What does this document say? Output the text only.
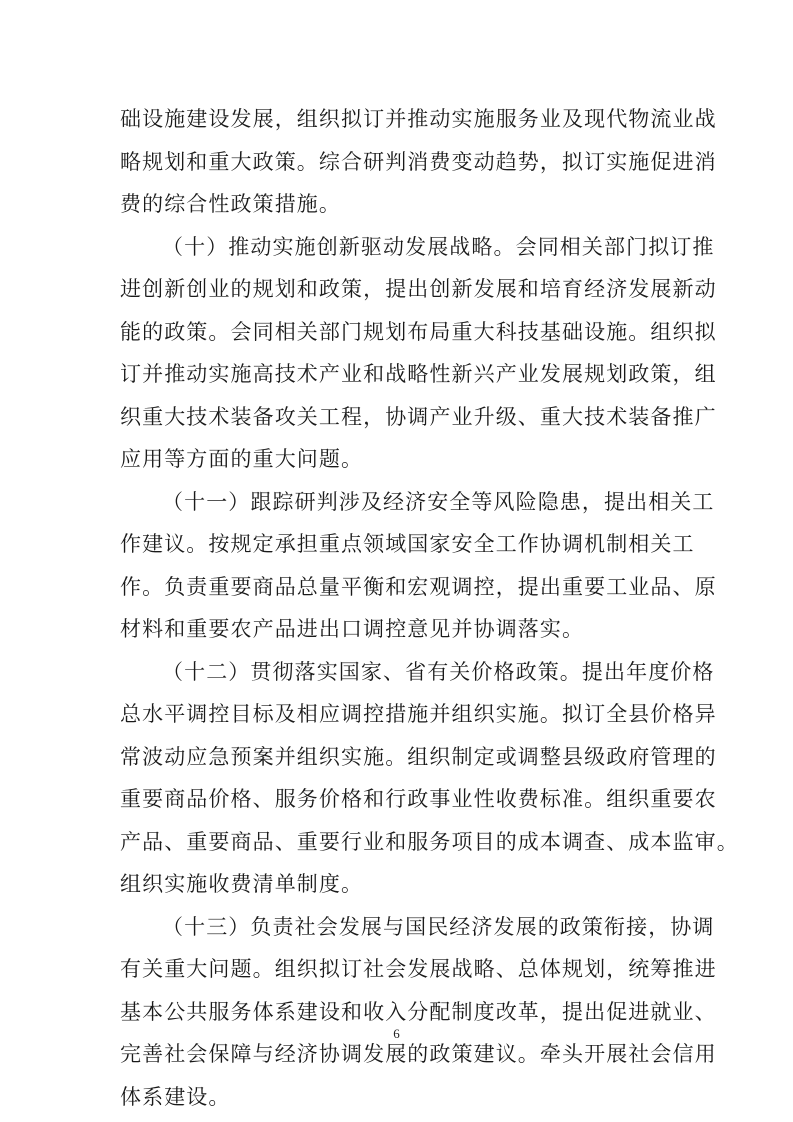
础设施建设发展，组织拟订并推动实施服务业及现代物流业战
略规划和重大政策。综合研判消费变动趋势，拟订实施促进消
费的综合性政策措施。
（十）推动实施创新驱动发展战略。会同相关部门拟订推
进创新创业的规划和政策，提出创新发展和培育经济发展新动
能的政策。会同相关部门规划布局重大科技基础设施。组织拟
订并推动实施高技术产业和战略性新兴产业发展规划政策，组
织重大技术装备攻关工程，协调产业升级、重大技术装备推广
应用等方面的重大问题。
（十一）跟踪研判涉及经济安全等风险隐患，提出相关工
作建议。按规定承担重点领域国家安全工作协调机制相关工
作。负责重要商品总量平衡和宏观调控，提出重要工业品、原
材料和重要农产品进出口调控意见并协调落实。
（十二）贯彻落实国家、省有关价格政策。提出年度价格
总水平调控目标及相应调控措施并组织实施。拟订全县价格异
常波动应急预案并组织实施。组织制定或调整县级政府管理的
重要商品价格、服务价格和行政事业性收费标准。组织重要农
产品、重要商品、重要行业和服务项目的成本调查、成本监审。
组织实施收费清单制度。
（十三）负责社会发展与国民经济发展的政策衔接，协调
有关重大问题。组织拟订社会发展战略、总体规划，统筹推进
基本公共服务体系建设和收入分配制度改革，提出促进就业、
完善社会保障与经济协调发展的政策建议。牵头开展社会信用
体系建设。
6
